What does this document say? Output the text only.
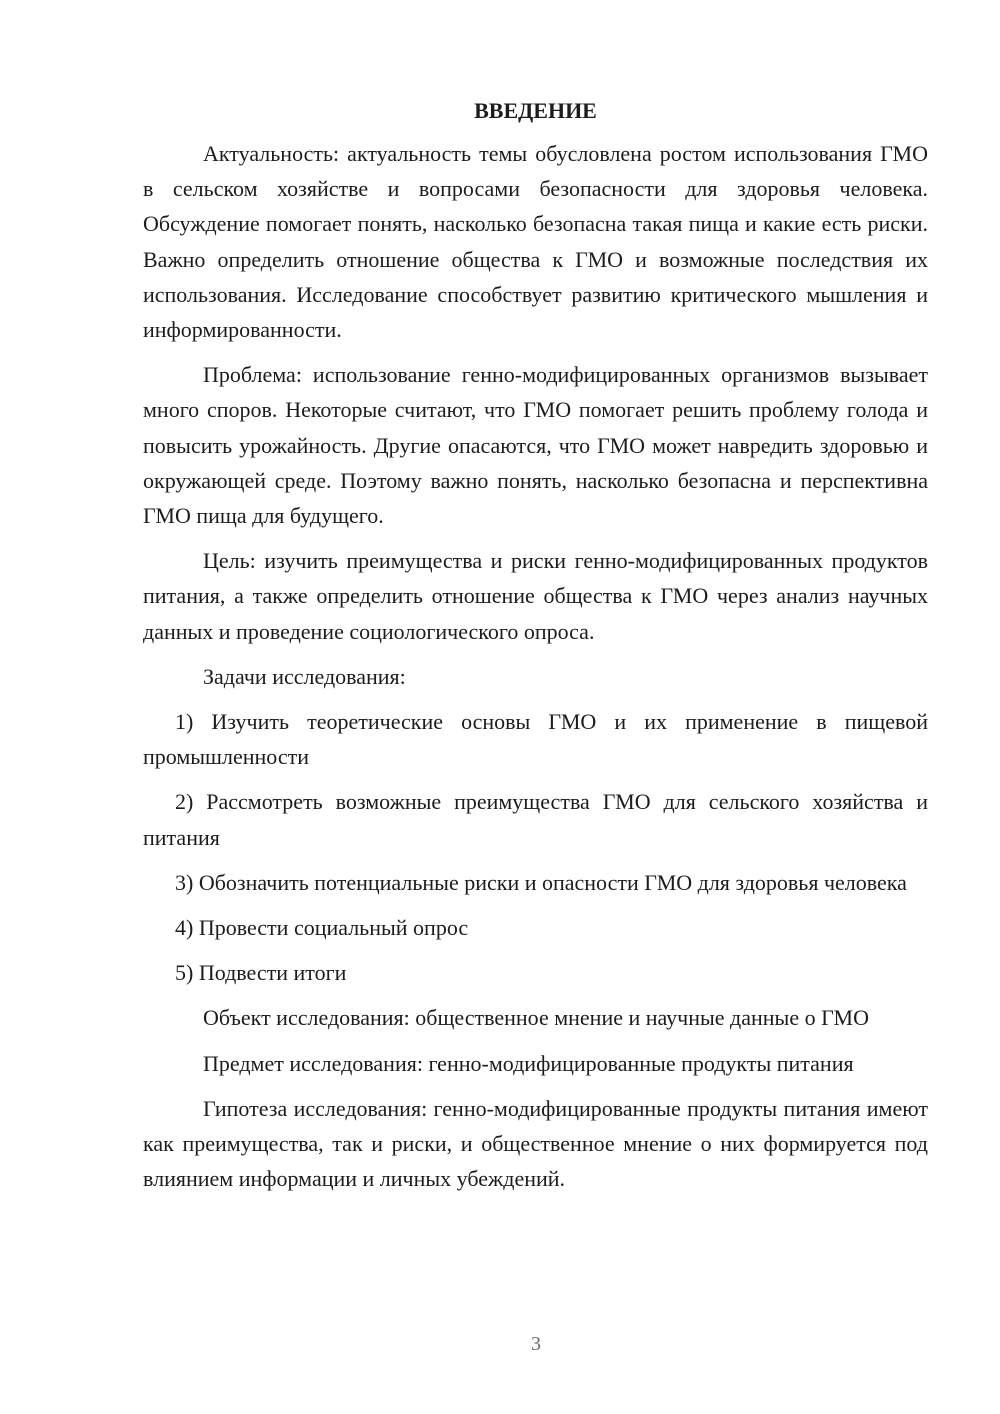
ВВЕДЕНИЕ

Актуальность: актуальность темы обусловлена ростом использования ГМО в сельском хозяйстве и вопросами безопасности для здоровья человека. Обсуждение помогает понять, насколько безопасна такая пища и какие есть риски. Важно определить отношение общества к ГМО и возможные последствия их использования. Исследование способствует развитию критического мышления и информированности.

Проблема: использование генно-модифицированных организмов вызывает много споров. Некоторые считают, что ГМО помогает решить проблему голода и повысить урожайность. Другие опасаются, что ГМО может навредить здоровью и окружающей среде. Поэтому важно понять, насколько безопасна и перспективна ГМО пища для будущего.

Цель: изучить преимущества и риски генно-модифицированных продуктов питания, а также определить отношение общества к ГМО через анализ научных данных и проведение социологического опроса.

Задачи исследования:

1) Изучить теоретические основы ГМО и их применение в пищевой промышленности

2) Рассмотреть возможные преимущества ГМО для сельского хозяйства и питания

3) Обозначить потенциальные риски и опасности ГМО для здоровья человека

4) Провести социальный опрос

5) Подвести итоги

Объект исследования: общественное мнение и научные данные о ГМО

Предмет исследования: генно-модифицированные продукты питания

Гипотеза исследования: генно-модифицированные продукты питания имеют как преимущества, так и риски, и общественное мнение о них формируется под влиянием информации и личных убеждений.

3
